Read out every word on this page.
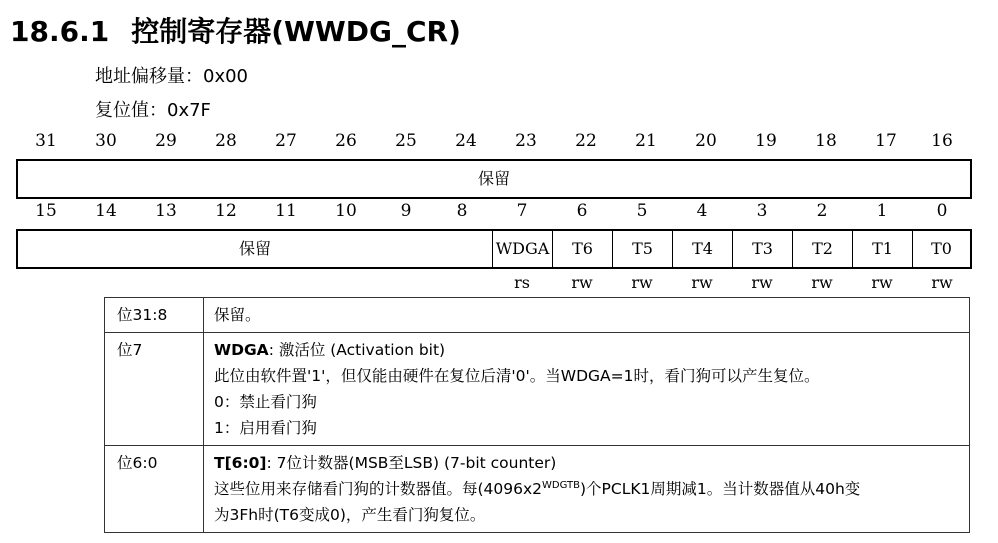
18.6.1 控制寄存器(WWDG_CR)
地址偏移量：0x00
复位值：0x7F
31	30	29	28	27	26	25	24	23	22	21	20	19	18	17	16
保留
15	14	13	12	11	10	9	8	7	6	5	4	3	2	1	0
保留	WDGA	T6	T5	T4	T3	T2	T1	T0
rs	rw	rw	rw	rw	rw	rw	rw
位31:8	保留。

位7	WDGA: 激活位 (Activation bit)
此位由软件置'1'，但仅能由硬件在复位后清'0'。当WDGA=1时，看门狗可以产生复位。
0：禁止看门狗
1：启用看门狗

位6:0	T[6:0]: 7位计数器(MSB至LSB) (7-bit counter)
这些位用来存储看门狗的计数器值。每$(4096x2^{WDGTB})$个PCLK1周期减1。当计数器值从40h变
为3Fh时(T6变成0)，产生看门狗复位。
